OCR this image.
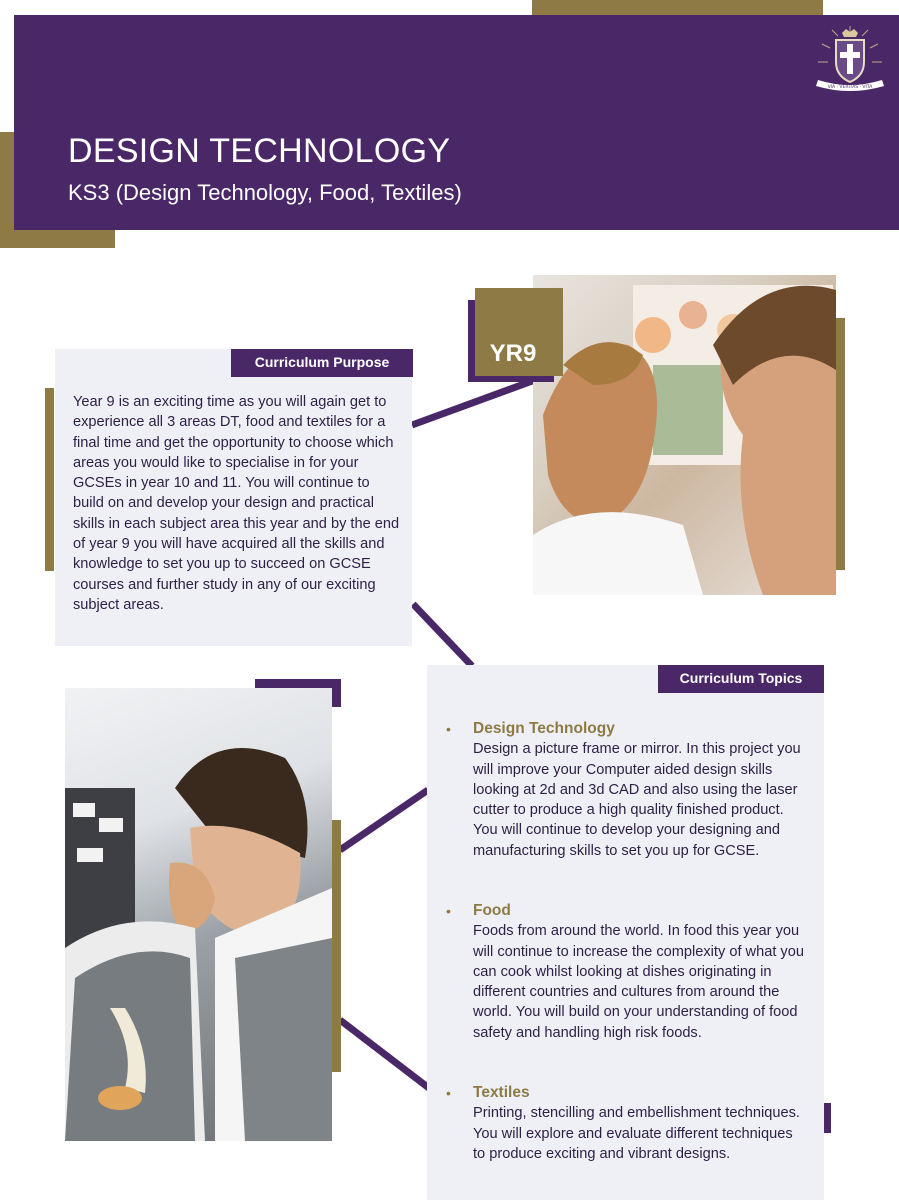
DESIGN TECHNOLOGY
KS3 (Design Technology, Food, Textiles)
VIA · VERITAS · VITA
Curriculum Purpose
Year 9 is an exciting time as you will again get to experience all 3 areas DT, food and textiles for a final time and get the opportunity to choose which areas you would like to specialise in for your GCSEs in year 10 and 11. You will continue to build on and develop your design and practical skills in each subject area this year and by the end of year 9 you will have acquired all the skills and knowledge to set you up to succeed on GCSE courses and further study in any of our exciting subject areas.
YR9
Curriculum Topics
• Design Technology
Design a picture frame or mirror. In this project you will improve your Computer aided design skills looking at 2d and 3d CAD and also using the laser cutter to produce a high quality finished product. You will continue to develop your designing and manufacturing skills to set you up for GCSE.
• Food
Foods from around the world. In food this year you will continue to increase the complexity of what you can cook whilst looking at dishes originating in different countries and cultures from around the world. You will build on your understanding of food safety and handling high risk foods.
• Textiles
Printing, stencilling and embellishment techniques. You will explore and evaluate different techniques to produce exciting and vibrant designs.
